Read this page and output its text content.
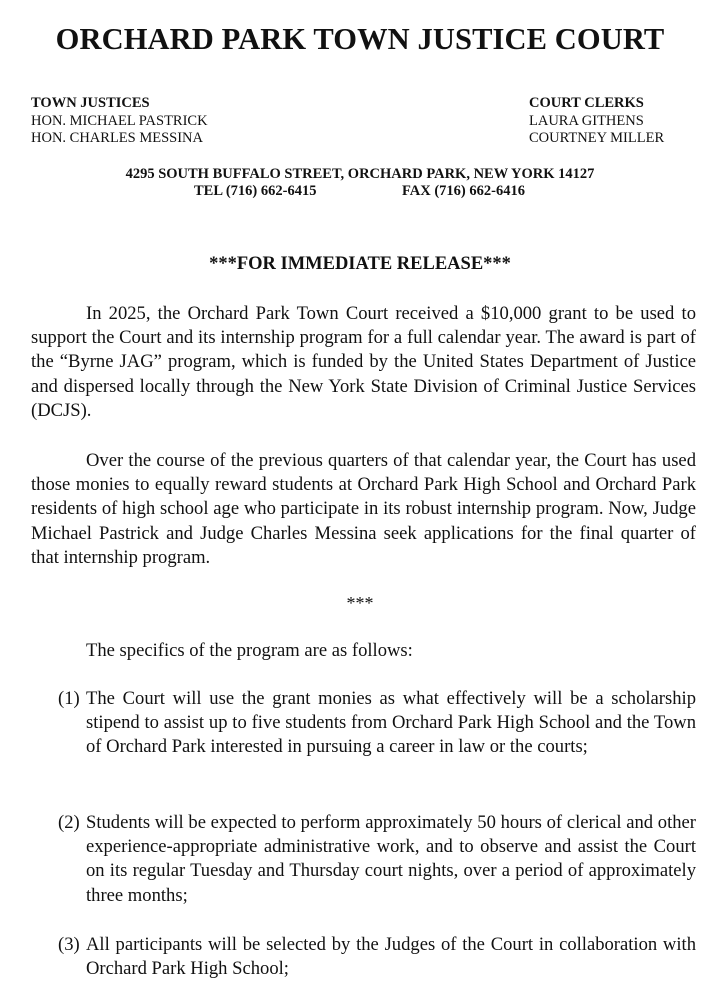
ORCHARD PARK TOWN JUSTICE COURT
TOWN JUSTICES
HON. MICHAEL PASTRICK
HON. CHARLES MESSINA
COURT CLERKS
LAURA GITHENS
COURTNEY MILLER
4295 SOUTH BUFFALO STREET, ORCHARD PARK, NEW YORK 14127
TEL (716) 662-6415	FAX (716) 662-6416
***FOR IMMEDIATE RELEASE***

In 2025, the Orchard Park Town Court received a $10,000 grant to be used to support the Court and its internship program for a full calendar year. The award is part of the “Byrne JAG” program, which is funded by the United States Department of Justice and dispersed locally through the New York State Division of Criminal Justice Services (DCJS).

Over the course of the previous quarters of that calendar year, the Court has used those monies to equally reward students at Orchard Park High School and Orchard Park residents of high school age who participate in its robust internship program. Now, Judge Michael Pastrick and Judge Charles Messina seek applications for the final quarter of that internship program.

***

The specifics of the program are as follows:

(1) The Court will use the grant monies as what effectively will be a scholarship stipend to assist up to five students from Orchard Park High School and the Town of Orchard Park interested in pursuing a career in law or the courts;
(2) Students will be expected to perform approximately 50 hours of clerical and other experience-appropriate administrative work, and to observe and assist the Court on its regular Tuesday and Thursday court nights, over a period of approximately three months;
(3) All participants will be selected by the Judges of the Court in collaboration with Orchard Park High School;
